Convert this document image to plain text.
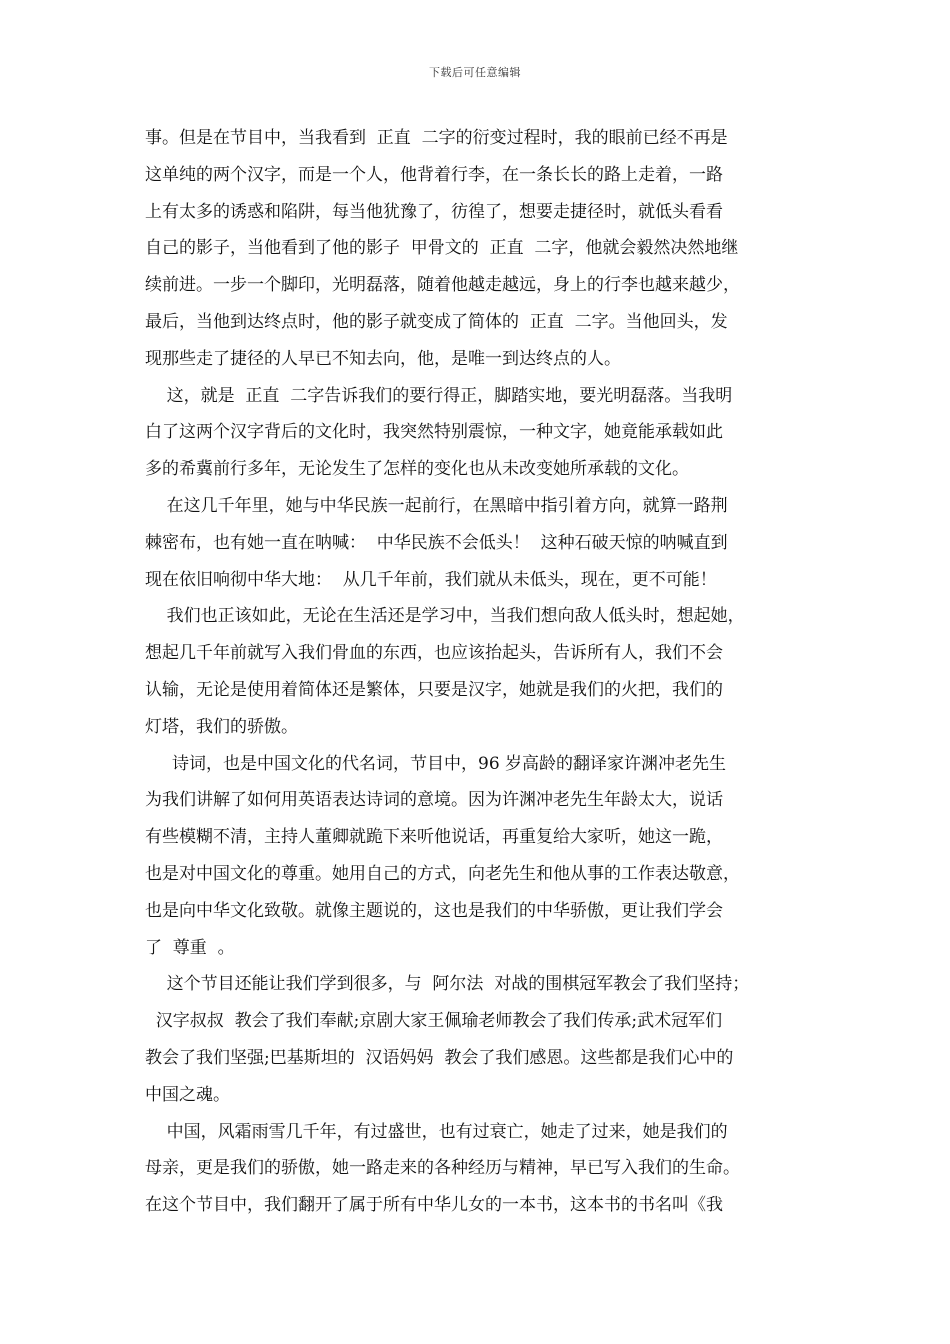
下载后可任意编辑
事。但是在节目中，当我看到  正直  二字的衍变过程时，我的眼前已经不再是
这单纯的两个汉字，而是一个人，他背着行李，在一条长长的路上走着，一路
上有太多的诱惑和陷阱，每当他犹豫了，彷徨了，想要走捷径时，就低头看看
自己的影子，当他看到了他的影子  甲骨文的  正直  二字，他就会毅然决然地继
续前进。一步一个脚印，光明磊落，随着他越走越远，身上的行李也越来越少，
最后，当他到达终点时，他的影子就变成了简体的  正直  二字。当他回头，发
现那些走了捷径的人早已不知去向，他，是唯一到达终点的人。
这，就是  正直  二字告诉我们的要行得正，脚踏实地，要光明磊落。当我明
白了这两个汉字背后的文化时，我突然特别震惊，一种文字，她竟能承载如此
多的希冀前行多年，无论发生了怎样的变化也从未改变她所承载的文化。
在这几千年里，她与中华民族一起前行，在黑暗中指引着方向，就算一路荆
棘密布，也有她一直在呐喊：  中华民族不会低头！  这种石破天惊的呐喊直到
现在依旧响彻中华大地：  从几千年前，我们就从未低头，现在，更不可能！
我们也正该如此，无论在生活还是学习中，当我们想向敌人低头时，想起她，
想起几千年前就写入我们骨血的东西，也应该抬起头，告诉所有人，我们不会
认输，无论是使用着简体还是繁体，只要是汉字，她就是我们的火把，我们的
灯塔，我们的骄傲。
诗词，也是中国文化的代名词，节目中，96 岁高龄的翻译家许渊冲老先生
为我们讲解了如何用英语表达诗词的意境。因为许渊冲老先生年龄太大，说话
有些模糊不清，主持人董卿就跪下来听他说话，再重复给大家听，她这一跪，
也是对中国文化的尊重。她用自己的方式，向老先生和他从事的工作表达敬意，
也是向中华文化致敬。就像主题说的，这也是我们的中华骄傲，更让我们学会
了  尊重  。
这个节目还能让我们学到很多，与  阿尔法  对战的围棋冠军教会了我们坚持；
汉字叔叔  教会了我们奉献;京剧大家王佩瑜老师教会了我们传承;武术冠军们
教会了我们坚强;巴基斯坦的  汉语妈妈  教会了我们感恩。这些都是我们心中的
中国之魂。
中国，风霜雨雪几千年，有过盛世，也有过衰亡，她走了过来，她是我们的
母亲，更是我们的骄傲，她一路走来的各种经历与精神，早已写入我们的生命。
在这个节目中，我们翻开了属于所有中华儿女的一本书，这本书的书名叫《我
